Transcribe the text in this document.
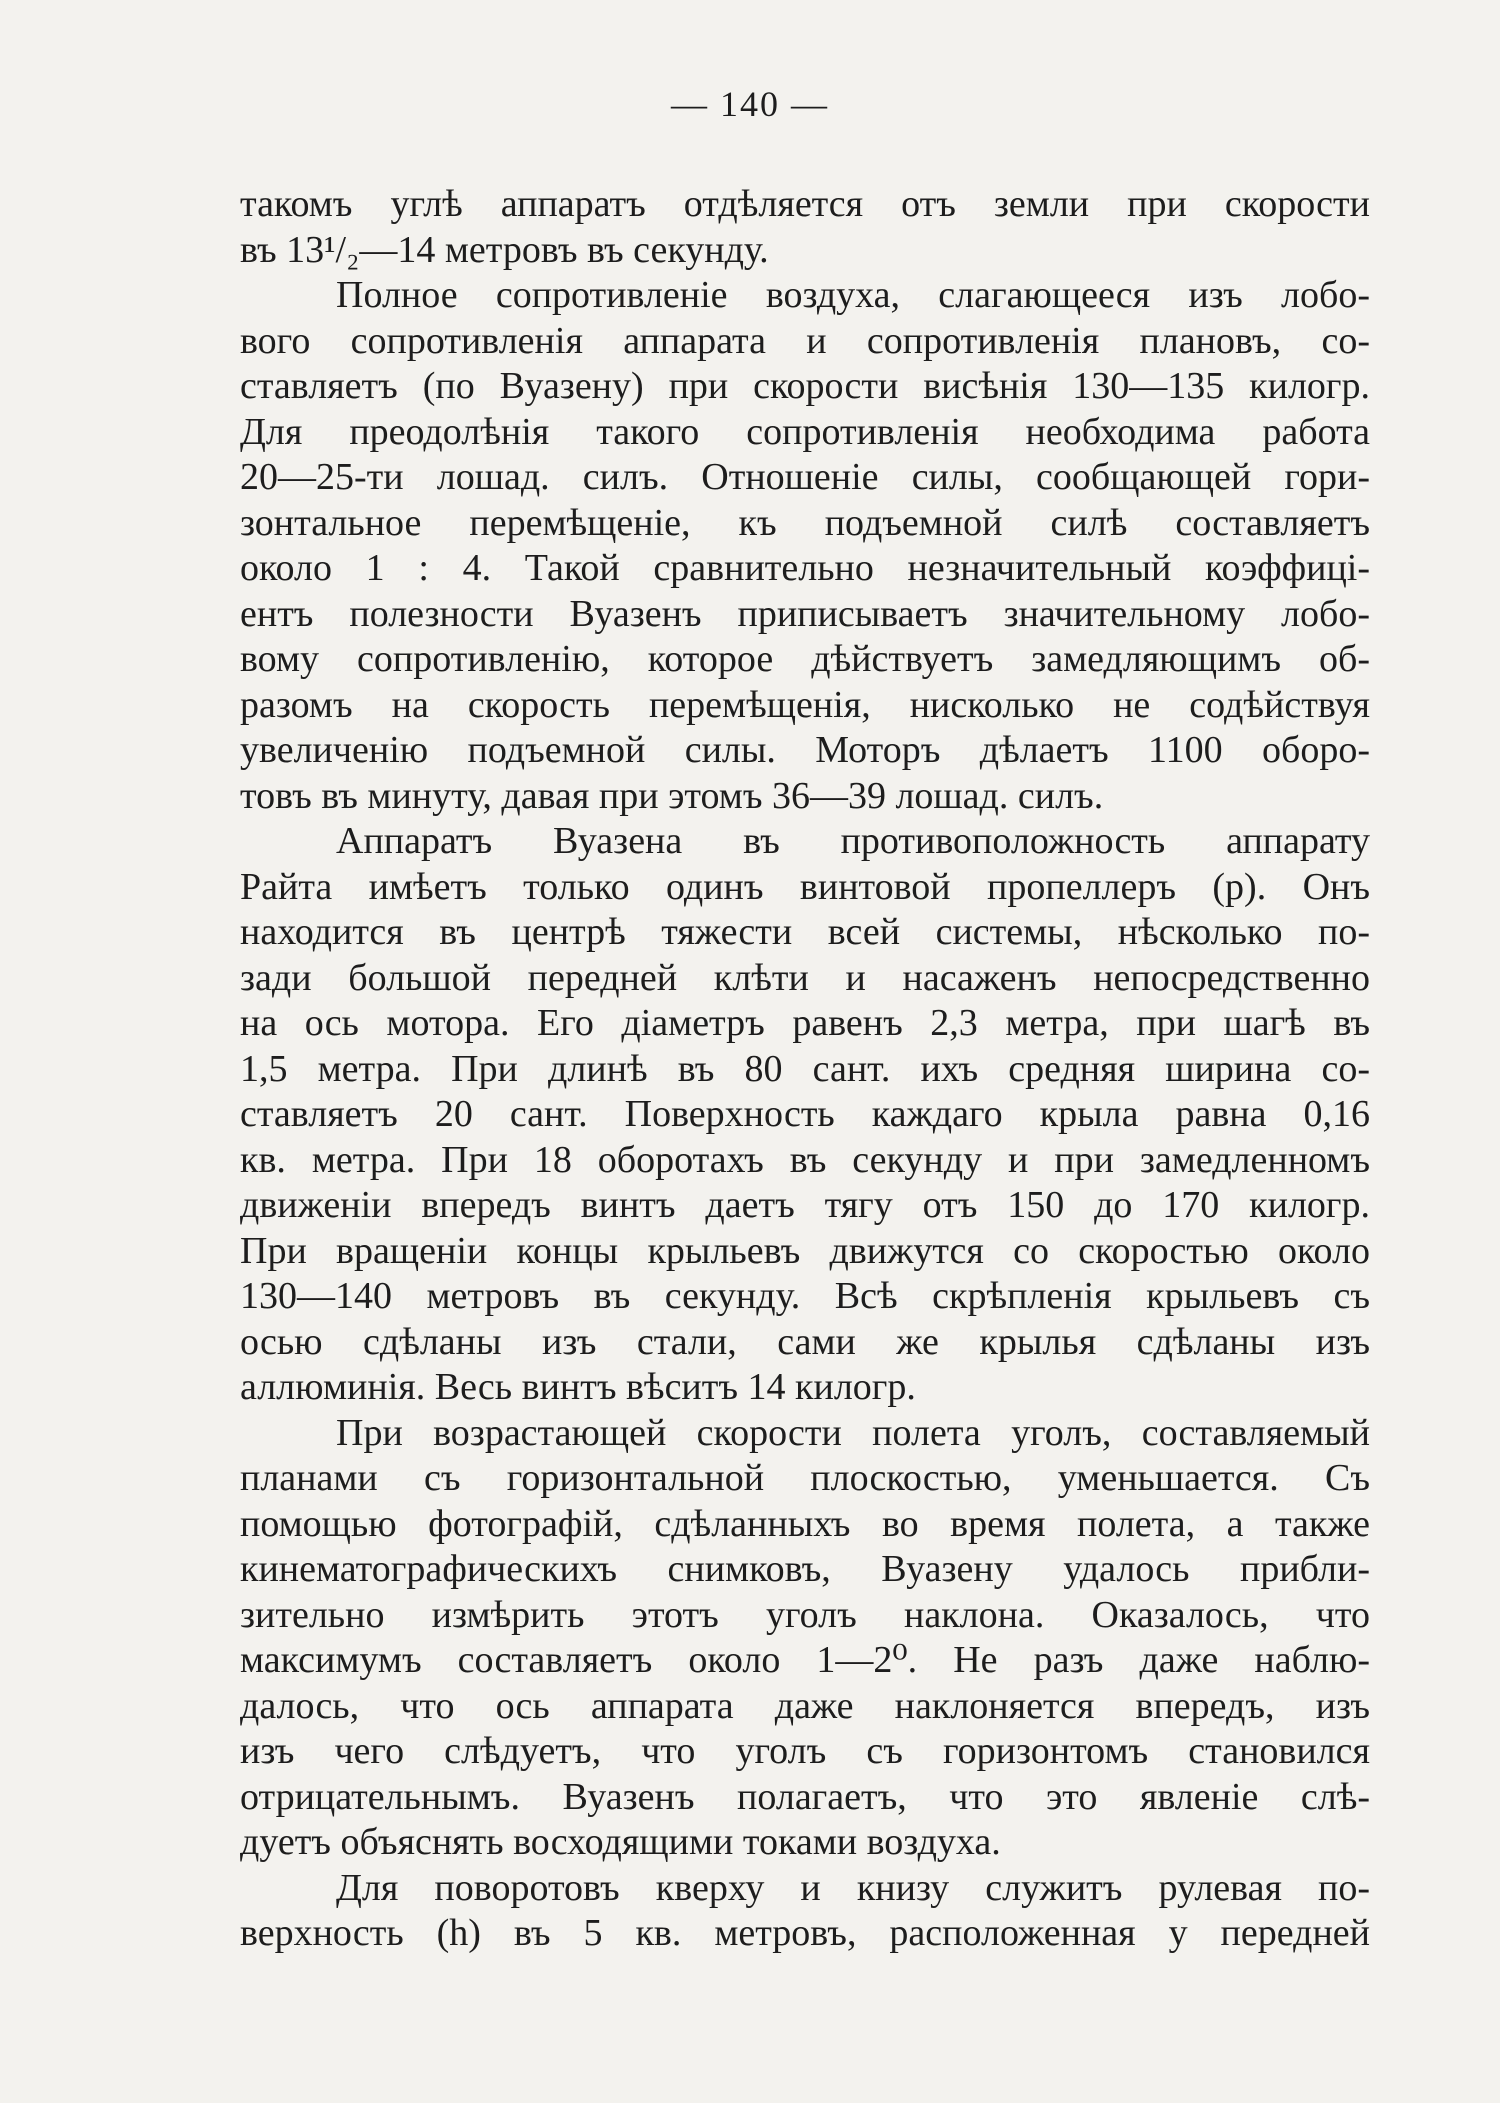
— 140 —
такомъ углѣ аппаратъ отдѣляется отъ земли при скорости
въ 13¹/₂—14 метровъ въ секунду.
Полное сопротивленіе воздуха, слагающееся изъ лобо-
вого сопротивленія аппарата и сопротивленія плановъ, со-
ставляетъ (по Вуазену) при скорости висѣнія 130—135 килогр.
Для преодолѣнія такого сопротивленія необходима работа
20—25-ти лошад. силъ. Отношеніе силы, сообщающей гори-
зонтальное перемѣщеніе, къ подъемной силѣ составляетъ
около 1 : 4. Такой сравнительно незначительный коэффиці-
ентъ полезности Вуазенъ приписываетъ значительному лобо-
вому сопротивленію, которое дѣйствуетъ замедляющимъ об-
разомъ на скорость перемѣщенія, нисколько не содѣйствуя
увеличенію подъемной силы. Моторъ дѣлаетъ 1100 оборо-
товъ въ минуту, давая при этомъ 36—39 лошад. силъ.
Аппаратъ Вуазена въ противоположность аппарату
Райта имѣетъ только одинъ винтовой пропеллеръ (p). Онъ
находится въ центрѣ тяжести всей системы, нѣсколько по-
зади большой передней клѣти и насаженъ непосредственно
на ось мотора. Его діаметръ равенъ 2,3 метра, при шагѣ въ
1,5 метра. При длинѣ въ 80 сант. ихъ средняя ширина со-
ставляетъ 20 сант. Поверхность каждаго крыла равна 0,16
кв. метра. При 18 оборотахъ въ секунду и при замедленномъ
движеніи впередъ винтъ даетъ тягу отъ 150 до 170 килогр.
При вращеніи концы крыльевъ движутся со скоростью около
130—140 метровъ въ секунду. Всѣ скрѣпленія крыльевъ съ
осью сдѣланы изъ стали, сами же крылья сдѣланы изъ
аллюминія. Весь винтъ вѣситъ 14 килогр.
При возрастающей скорости полета уголъ, составляемый
планами съ горизонтальной плоскостью, уменьшается. Съ
помощью фотографій, сдѣланныхъ во время полета, а также
кинематографическихъ снимковъ, Вуазену удалось прибли-
зительно измѣрить этотъ уголъ наклона. Оказалось, что
максимумъ составляетъ около 1—2⁰. Не разъ даже наблю-
далось, что ось аппарата даже наклоняется впередъ, изъ
изъ чего слѣдуетъ, что уголъ съ горизонтомъ становился
отрицательнымъ. Вуазенъ полагаетъ, что это явленіе слѣ-
дуетъ объяснять восходящими токами воздуха.
Для поворотовъ кверху и книзу служитъ рулевая по-
верхность (h) въ 5 кв. метровъ, расположенная у передней
